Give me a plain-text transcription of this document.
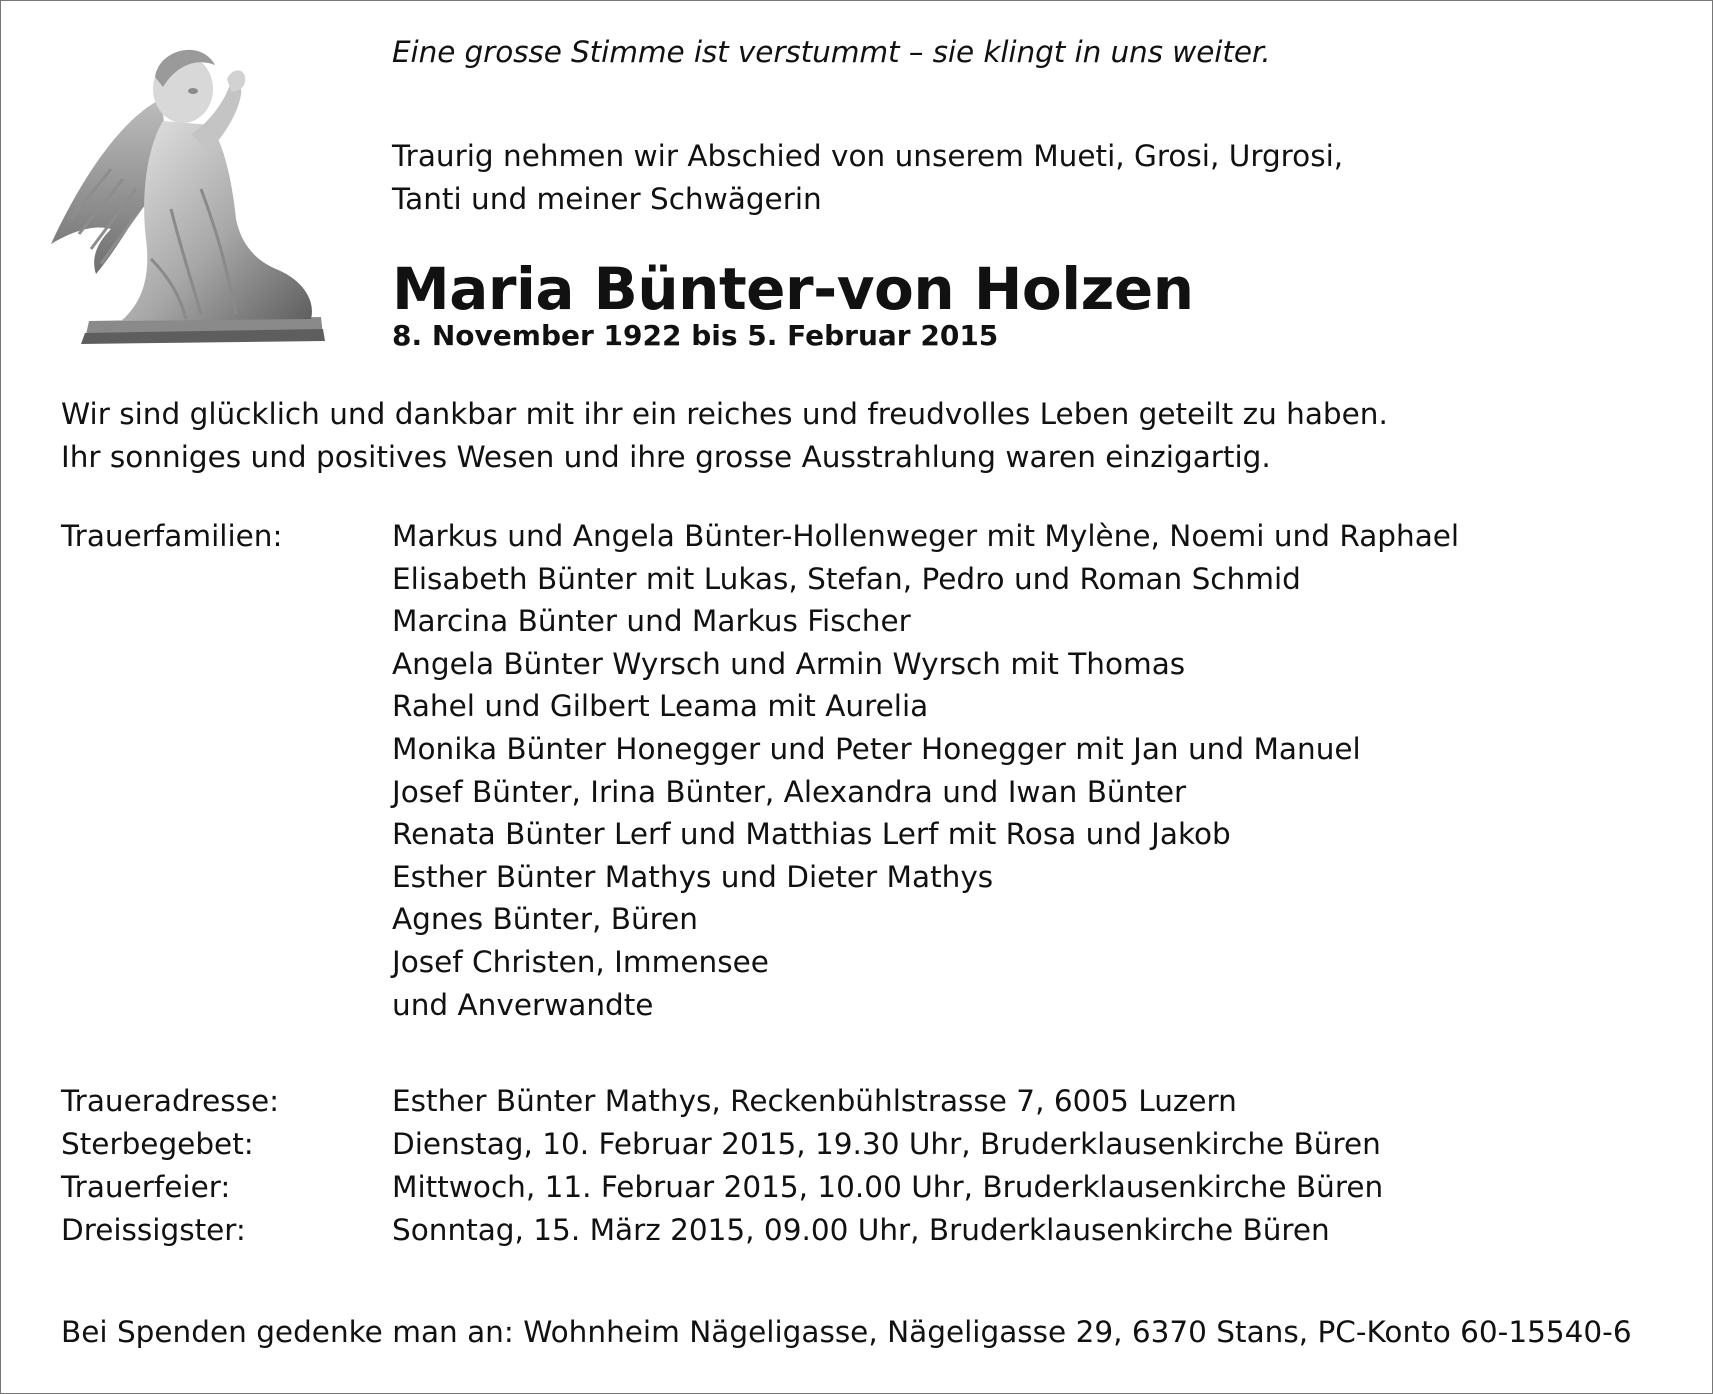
Eine grosse Stimme ist verstummt – sie klingt in uns weiter.
Traurig nehmen wir Abschied von unserem Mueti, Grosi, Urgrosi,
Tanti und meiner Schwägerin
Maria Bünter-von Holzen
8. November 1922 bis 5. Februar 2015
Wir sind glücklich und dankbar mit ihr ein reiches und freudvolles Leben geteilt zu haben.
Ihr sonniges und positives Wesen und ihre grosse Ausstrahlung waren einzigartig.
Trauerfamilien:	Markus und Angela Bünter-Hollenweger mit Mylène, Noemi und Raphael
Elisabeth Bünter mit Lukas, Stefan, Pedro und Roman Schmid
Marcina Bünter und Markus Fischer
Angela Bünter Wyrsch und Armin Wyrsch mit Thomas
Rahel und Gilbert Leama mit Aurelia
Monika Bünter Honegger und Peter Honegger mit Jan und Manuel
Josef Bünter, Irina Bünter, Alexandra und Iwan Bünter
Renata Bünter Lerf und Matthias Lerf mit Rosa und Jakob
Esther Bünter Mathys und Dieter Mathys
Agnes Bünter, Büren
Josef Christen, Immensee
und Anverwandte
Traueradresse:	Esther Bünter Mathys, Reckenbühlstrasse 7, 6005 Luzern
Sterbegebet:	Dienstag, 10. Februar 2015, 19.30 Uhr, Bruderklausenkirche Büren
Trauerfeier:	Mittwoch, 11. Februar 2015, 10.00 Uhr, Bruderklausenkirche Büren
Dreissigster:	Sonntag, 15. März 2015, 09.00 Uhr, Bruderklausenkirche Büren
Bei Spenden gedenke man an: Wohnheim Nägeligasse, Nägeligasse 29, 6370 Stans, PC-Konto 60-15540-6
